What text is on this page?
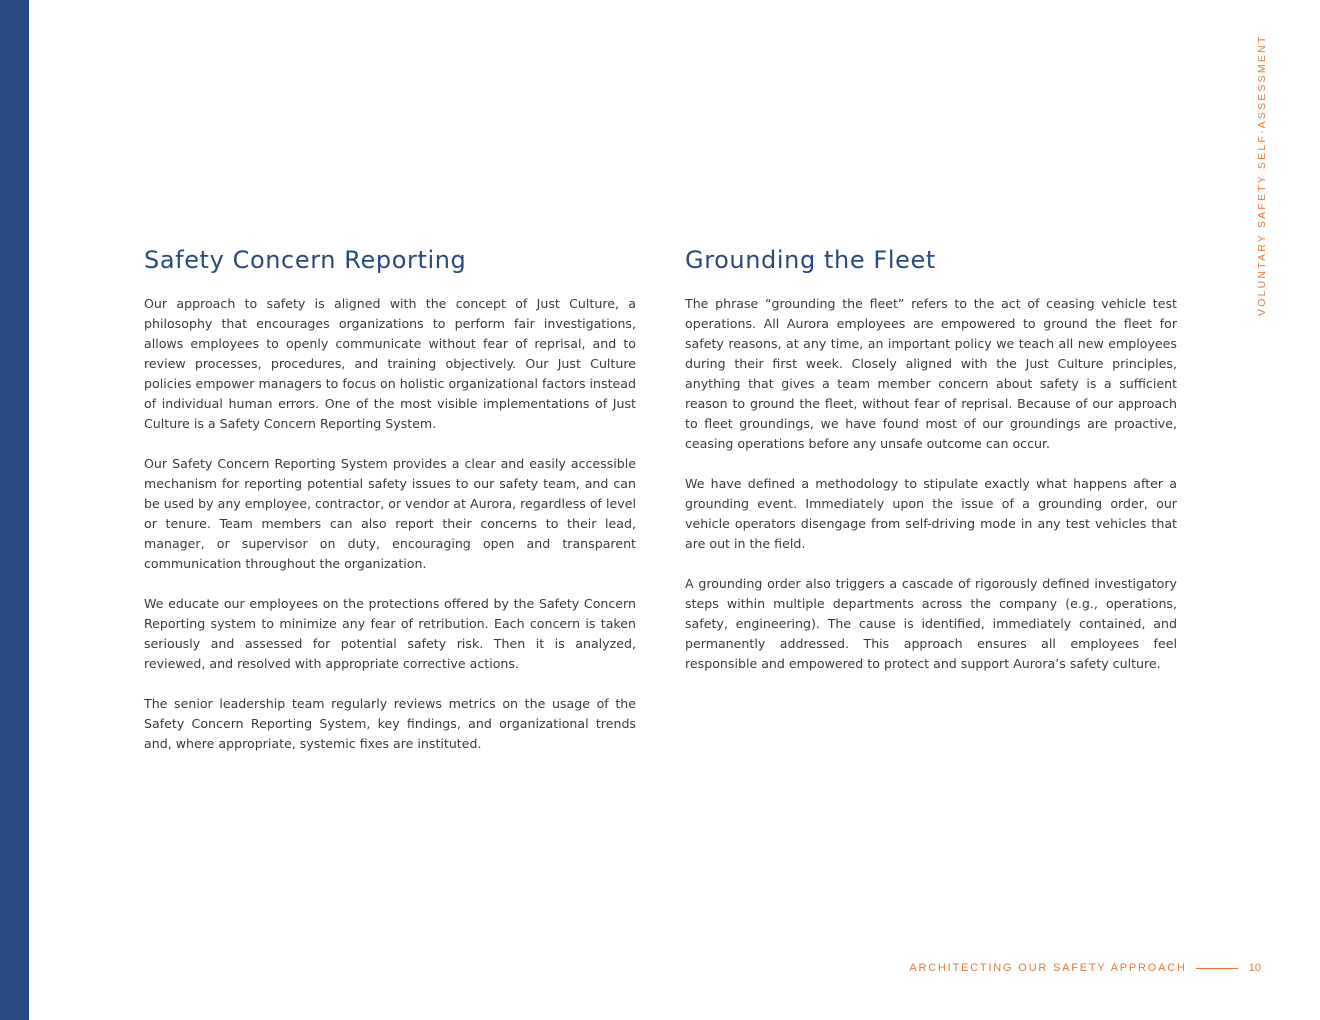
VOLUNTARY SAFETY SELF-ASSESSMENT
Safety Concern Reporting

Our approach to safety is aligned with the concept of Just Culture, a philosophy that encourages organizations to perform fair investigations, allows employees to openly communicate without fear of reprisal, and to review processes, procedures, and training objectively. Our Just Culture policies empower managers to focus on holistic organizational factors instead of individual human errors. One of the most visible implementations of Just Culture is a Safety Concern Reporting System.

Our Safety Concern Reporting System provides a clear and easily accessible mechanism for reporting potential safety issues to our safety team, and can be used by any employee, contractor, or vendor at Aurora, regardless of level or tenure. Team members can also report their concerns to their lead, manager, or supervisor on duty, encouraging open and transparent communication throughout the organization.

We educate our employees on the protections offered by the Safety Concern Reporting system to minimize any fear of retribution. Each concern is taken seriously and assessed for potential safety risk. Then it is analyzed, reviewed, and resolved with appropriate corrective actions.

The senior leadership team regularly reviews metrics on the usage of the Safety Concern Reporting System, key findings, and organizational trends and, where appropriate, systemic fixes are instituted.

Grounding the Fleet

The phrase “grounding the fleet” refers to the act of ceasing vehicle test operations. All Aurora employees are empowered to ground the fleet for safety reasons, at any time, an important policy we teach all new employees during their first week. Closely aligned with the Just Culture principles, anything that gives a team member concern about safety is a sufficient reason to ground the fleet, without fear of reprisal. Because of our approach to fleet groundings, we have found most of our groundings are proactive, ceasing operations before any unsafe outcome can occur.

We have defined a methodology to stipulate exactly what happens after a grounding event. Immediately upon the issue of a grounding order, our vehicle operators disengage from self-driving mode in any test vehicles that are out in the field.

A grounding order also triggers a cascade of rigorously defined investigatory steps within multiple departments across the company (e.g., operations, safety, engineering). The cause is identified, immediately contained, and permanently addressed. This approach ensures all employees feel responsible and empowered to protect and support Aurora’s safety culture.

ARCHITECTING OUR SAFETY APPROACH	10
